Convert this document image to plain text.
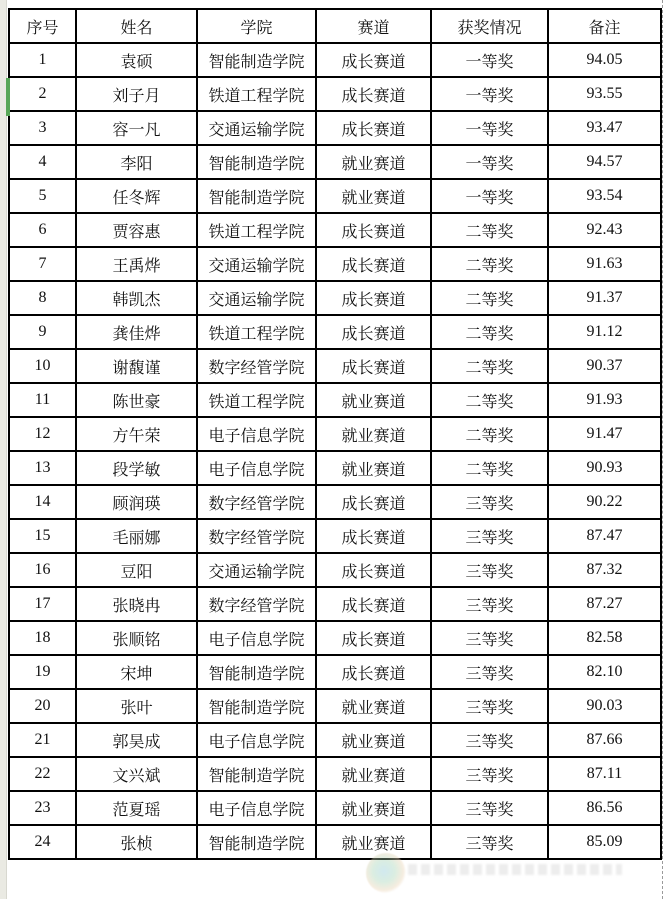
序号	姓名	学院	赛道	获奖情况	备注
1	袁硕	智能制造学院	成长赛道	一等奖	94.05
2	刘子月	铁道工程学院	成长赛道	一等奖	93.55
3	容一凡	交通运输学院	成长赛道	一等奖	93.47
4	李阳	智能制造学院	就业赛道	一等奖	94.57
5	任冬辉	智能制造学院	就业赛道	一等奖	93.54
6	贾容惠	铁道工程学院	成长赛道	二等奖	92.43
7	王禹烨	交通运输学院	成长赛道	二等奖	91.63
8	韩凯杰	交通运输学院	成长赛道	二等奖	91.37
9	龚佳烨	铁道工程学院	成长赛道	二等奖	91.12
10	谢馥谨	数字经管学院	成长赛道	二等奖	90.37
11	陈世豪	铁道工程学院	就业赛道	二等奖	91.93
12	方午荣	电子信息学院	就业赛道	二等奖	91.47
13	段学敏	电子信息学院	就业赛道	二等奖	90.93
14	顾润瑛	数字经管学院	成长赛道	三等奖	90.22
15	毛丽娜	数字经管学院	成长赛道	三等奖	87.47
16	豆阳	交通运输学院	成长赛道	三等奖	87.32
17	张晓冉	数字经管学院	成长赛道	三等奖	87.27
18	张顺铭	电子信息学院	成长赛道	三等奖	82.58
19	宋坤	智能制造学院	成长赛道	三等奖	82.10
20	张叶	智能制造学院	就业赛道	三等奖	90.03
21	郭昊成	电子信息学院	就业赛道	三等奖	87.66
22	文兴斌	智能制造学院	就业赛道	三等奖	87.11
23	范夏瑶	电子信息学院	就业赛道	三等奖	86.56
24	张桢	智能制造学院	就业赛道	三等奖	85.09
